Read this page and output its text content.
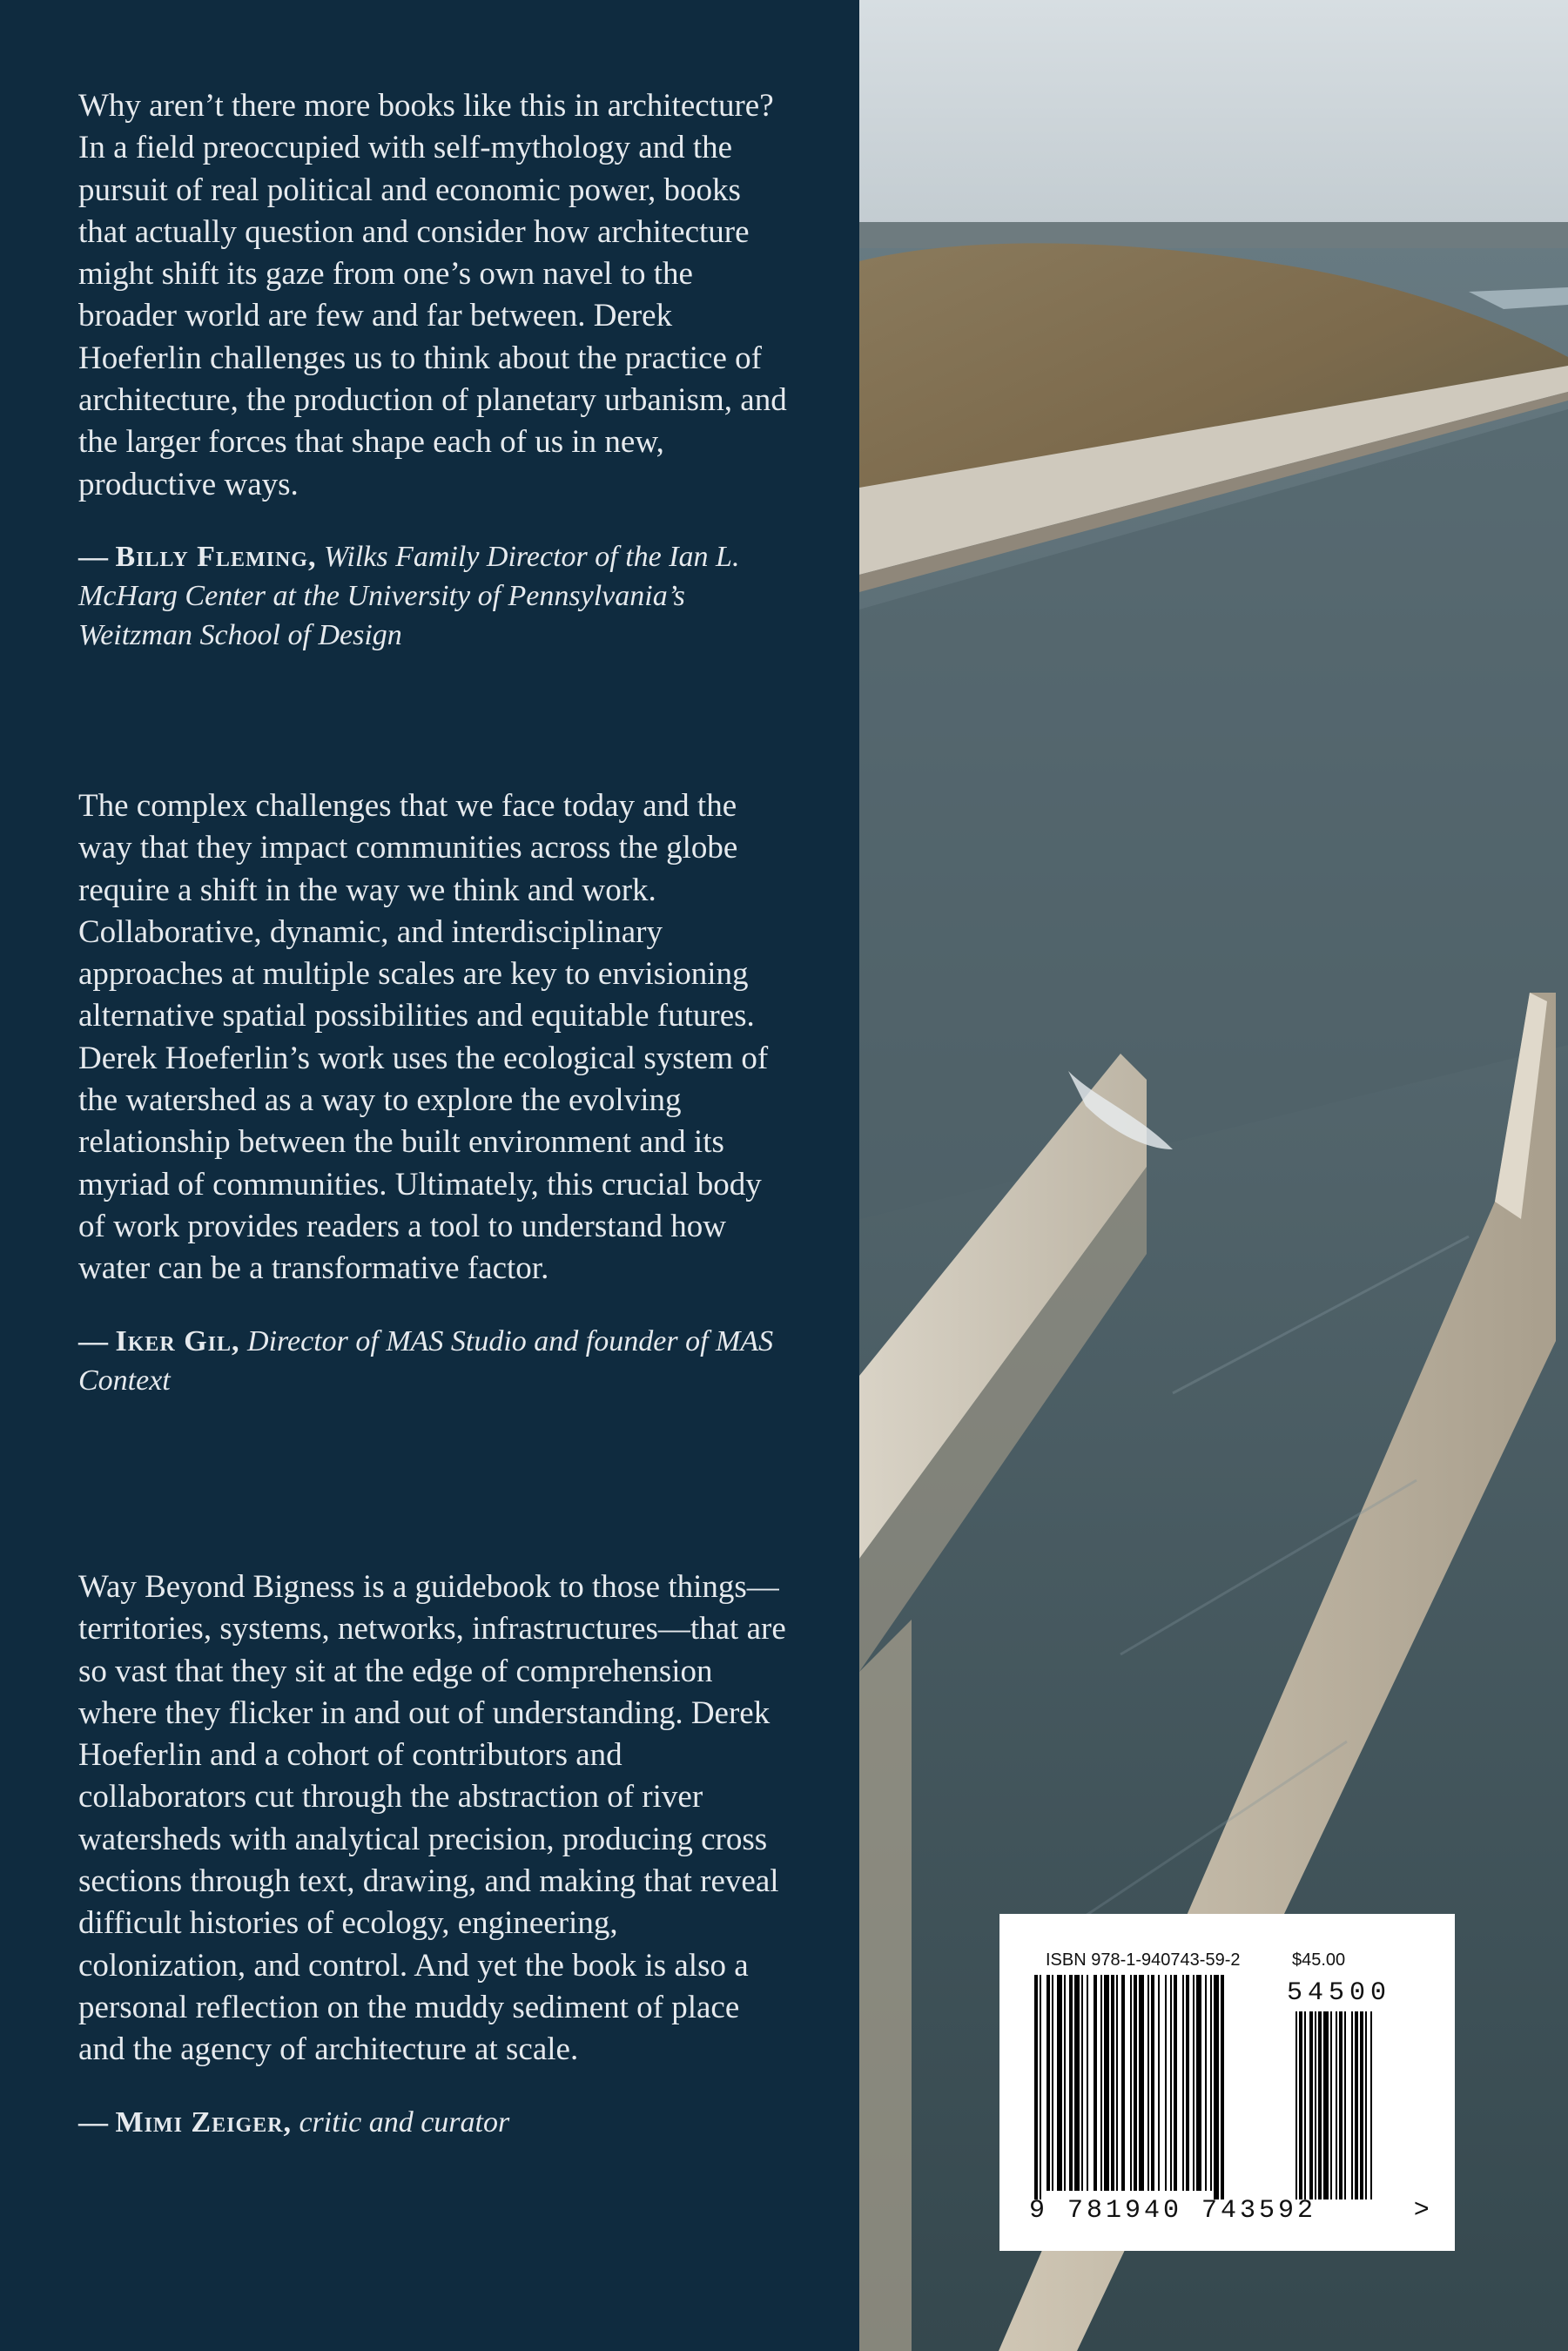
Why aren’t there more books like this in architecture? In a field preoccupied with self-mythology and the pursuit of real political and economic power, books that actually question and consider how architecture might shift its gaze from one’s own navel to the broader world are few and far between. Derek Hoeferlin challenges us to think about the practice of architecture, the production of planetary urbanism, and the larger forces that shape each of us in new, productive ways.

— Billy Fleming, Wilks Family Director of the Ian L. McHarg Center at the University of Pennsylvania’s Weitzman School of Design

The complex challenges that we face today and the way that they impact communities across the globe require a shift in the way we think and work. Collaborative, dynamic, and interdisciplinary approaches at multiple scales are key to envisioning alternative spatial possibilities and equitable futures. Derek Hoeferlin’s work uses the ecological system of the watershed as a way to explore the evolving relationship between the built environment and its myriad of communities. Ultimately, this crucial body of work provides readers a tool to understand how water can be a transformative factor.

— Iker Gil, Director of MAS Studio and founder of MAS Context

Way Beyond Bigness is a guidebook to those things—territories, systems, networks, infrastructures—that are so vast that they sit at the edge of comprehension where they flicker in and out of understanding. Derek Hoeferlin and a cohort of contributors and collaborators cut through the abstraction of river watersheds with analytical precision, producing cross sections through text, drawing, and making that reveal difficult histories of ecology, engineering, colonization, and control. And yet the book is also a personal reflection on the muddy sediment of place and the agency of architecture at scale.

— Mimi Zeiger, critic and curator

ISBN 978-1-940743-59-2	$45.00
54500
9 781940 743592	>
